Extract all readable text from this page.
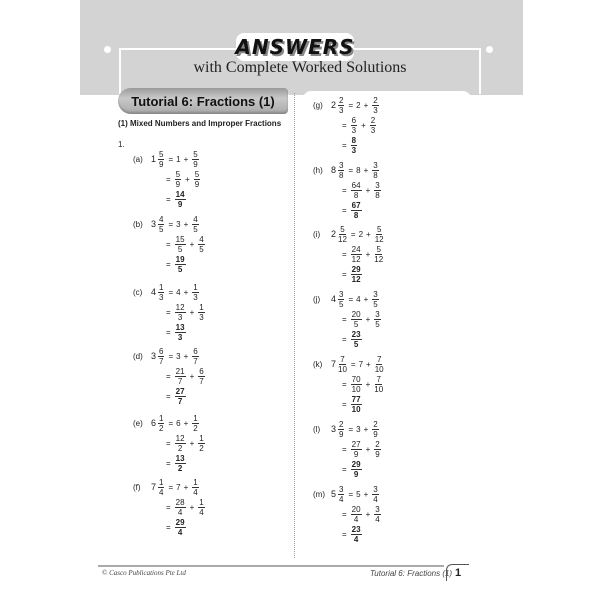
ANSWERS
with Complete Worked Solutions
Tutorial 6: Fractions (1)
(1) Mixed Numbers and Improper Fractions
1.
(a) $1 \frac{5}{9} = 1 + \frac{5}{9}$
= $\frac{5}{9} + \frac{5}{9}$
= $\frac{14}{9}$
(b) $3 \frac{4}{5} = 3 + \frac{4}{5}$
= $\frac{15}{5} + \frac{4}{5}$
= $\frac{19}{5}$
(c) $4 \frac{1}{3} = 4 + \frac{1}{3}$
= $\frac{12}{3} + \frac{1}{3}$
= $\frac{13}{3}$
(d) $3 \frac{6}{7} = 3 + \frac{6}{7}$
= $\frac{21}{7} + \frac{6}{7}$
= $\frac{27}{7}$
(e) $6 \frac{1}{2} = 6 + \frac{1}{2}$
= $\frac{12}{2} + \frac{1}{2}$
= $\frac{13}{2}$
(f)	$7 \frac{1}{4} = 7 + \frac{1}{4}$
= $\frac{28}{4} + \frac{1}{4}$
= $\frac{29}{4}$
(g) $2 \frac{2}{3} = 2 + \frac{2}{3}$
= $\frac{6}{3} + \frac{2}{3}$
= $\frac{8}{3}$
(h) $8 \frac{3}{8} = 8 + \frac{3}{8}$
= $\frac{64}{8} + \frac{3}{8}$
= $\frac{67}{8}$
(i)	$2 \frac{5}{12} = 2 + \frac{5}{12}$
= $\frac{24}{12} + \frac{5}{12}$
= $\frac{29}{12}$
(j)	$4 \frac{3}{5} = 4 + \frac{3}{5}$
= $\frac{20}{5} + \frac{3}{5}$
= $\frac{23}{5}$
(k) $7 \frac{7}{10} = 7 + \frac{7}{10}$
= $\frac{70}{10} + \frac{7}{10}$
= $\frac{77}{10}$
(l)	$3 \frac{2}{9} = 3 + \frac{2}{9}$
= $\frac{27}{9} + \frac{2}{9}$
= $\frac{29}{9}$
(m) $5 \frac{3}{4} = 5 + \frac{3}{4}$
= $\frac{20}{4} + \frac{3}{4}$
= $\frac{23}{4}$
© Casco Publications Pte Ltd	Tutorial 6: Fractions (1) 1
